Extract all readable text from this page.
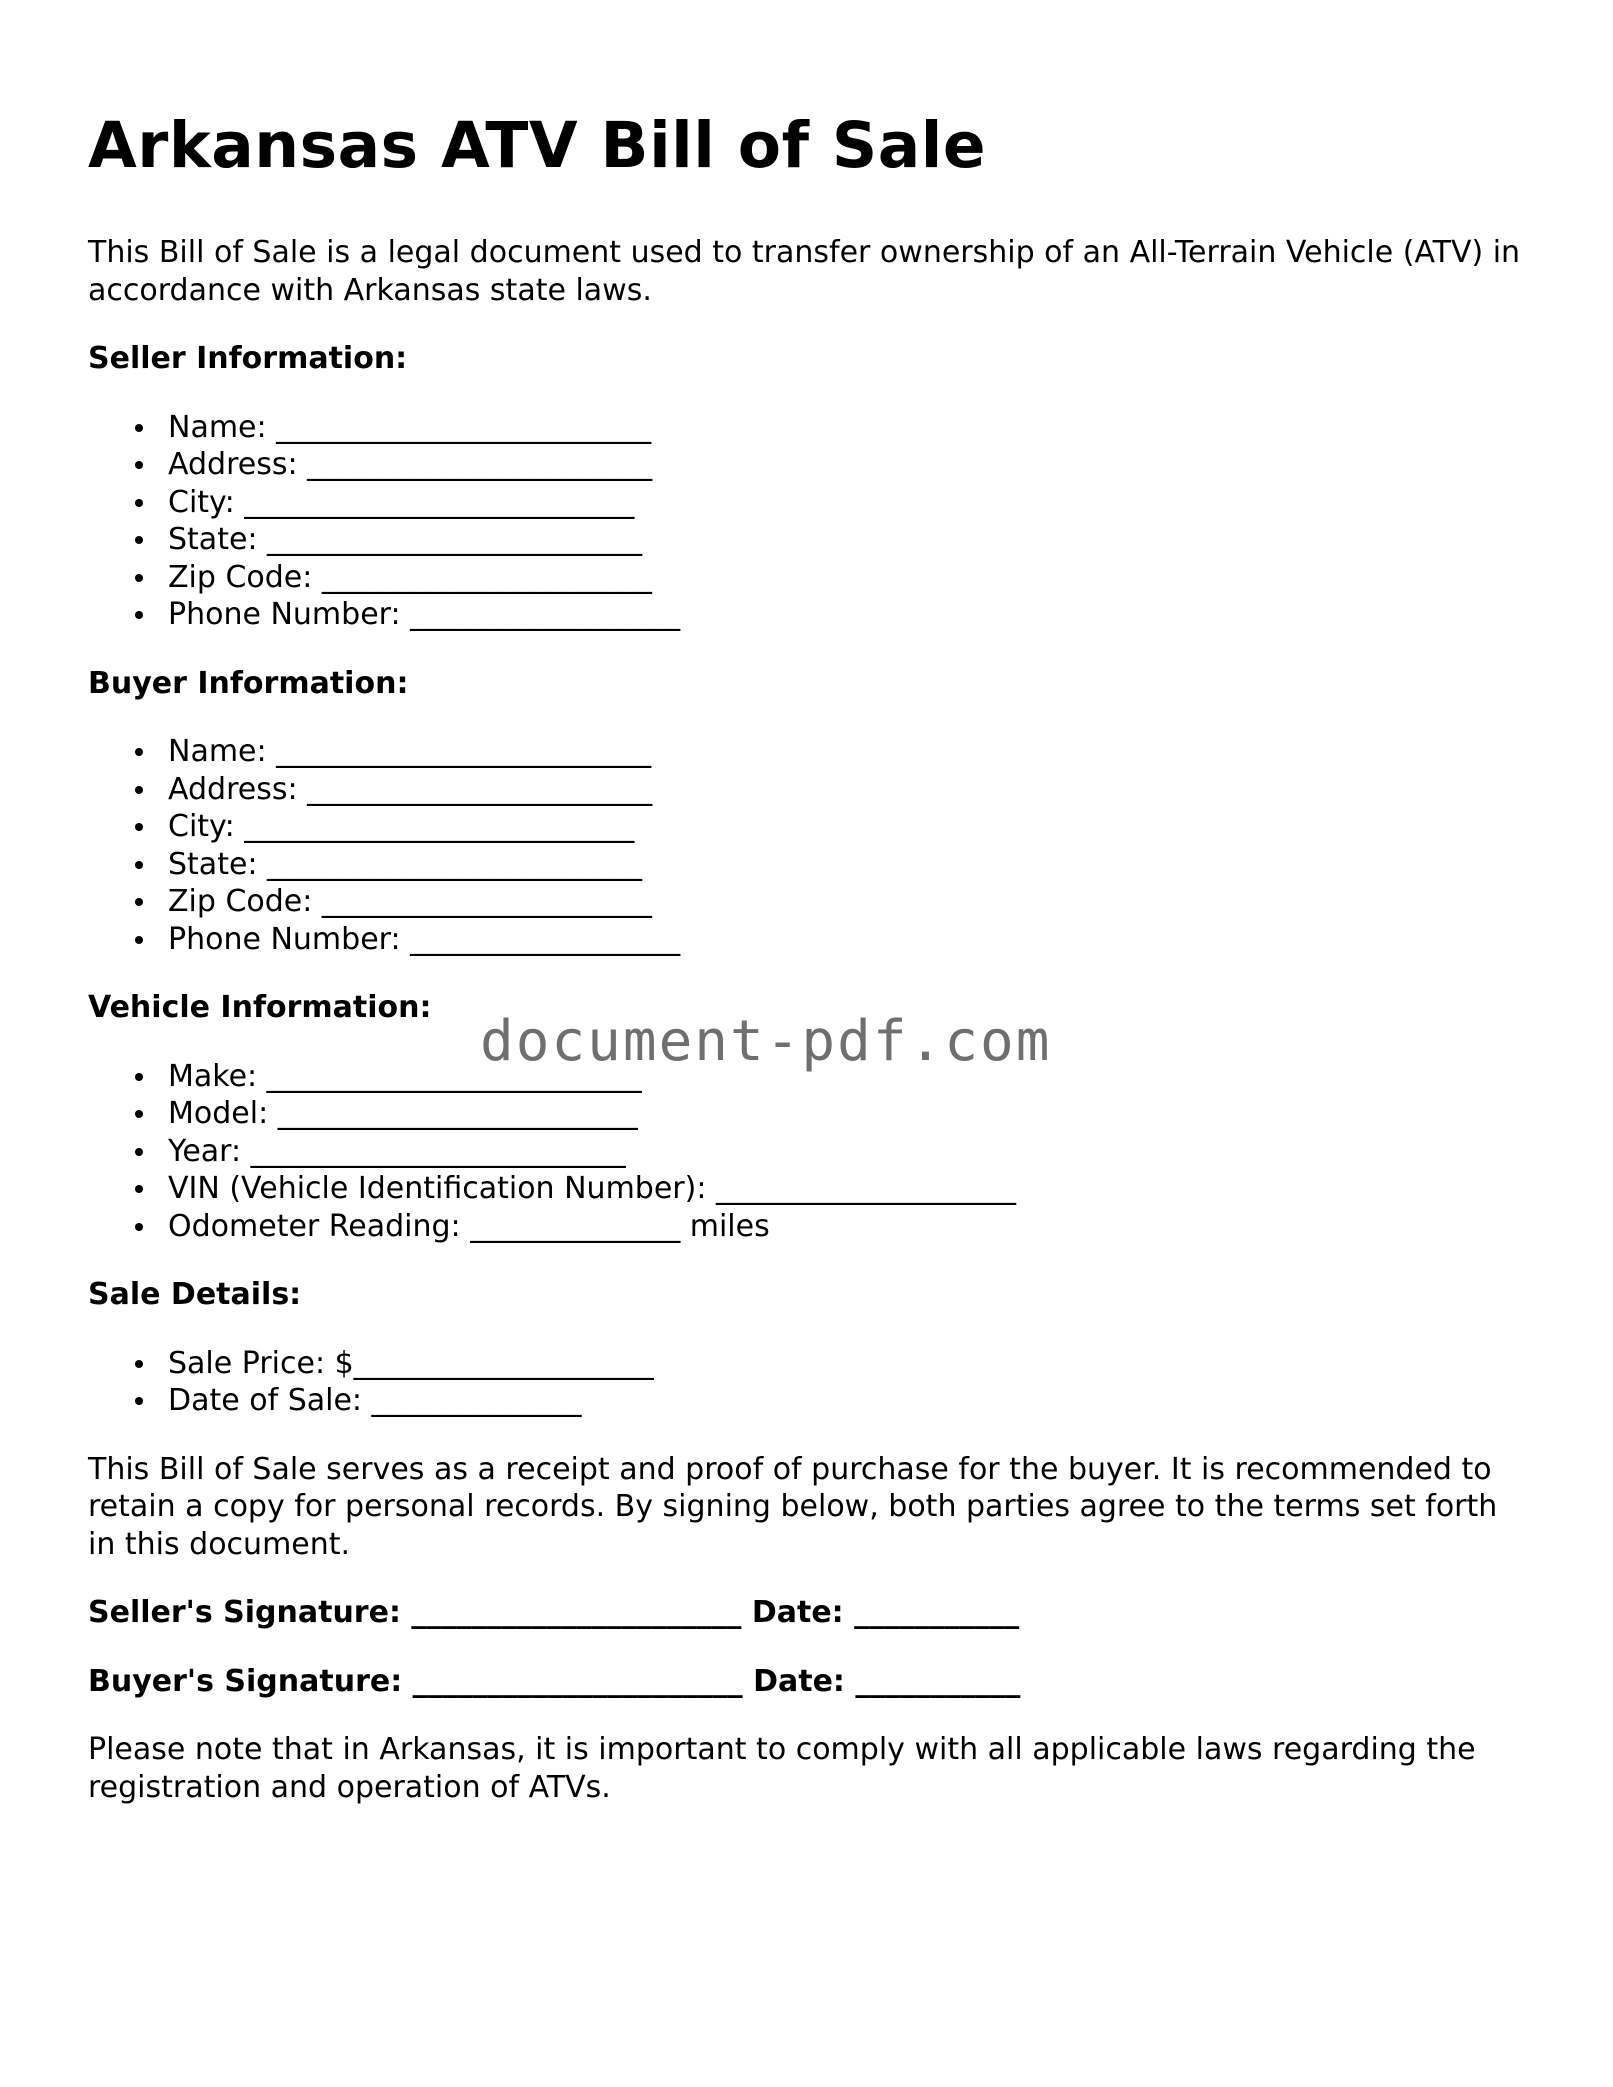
Arkansas ATV Bill of Sale

This Bill of Sale is a legal document used to transfer ownership of an All-Terrain Vehicle (ATV) in accordance with Arkansas state laws.

Seller Information:
Name: _________________________
Address: _______________________
City: __________________________
State: _________________________
Zip Code: ______________________
Phone Number: __________________
Buyer Information:
Name: _________________________
Address: _______________________
City: __________________________
State: _________________________
Zip Code: ______________________
Phone Number: __________________
Vehicle Information:
Make: _________________________
Model: ________________________
Year: _________________________
VIN (Vehicle Identification Number): ____________________
Odometer Reading: ______________ miles
Sale Details:
Sale Price: $____________________
Date of Sale: ______________

This Bill of Sale serves as a receipt and proof of purchase for the buyer. It is recommended to retain a copy for personal records. By signing below, both parties agree to the terms set forth in this document.

Seller's Signature: ______________________ Date: ___________
Buyer's Signature: ______________________ Date: ___________

Please note that in Arkansas, it is important to comply with all applicable laws regarding the registration and operation of ATVs.

document-pdf.com
